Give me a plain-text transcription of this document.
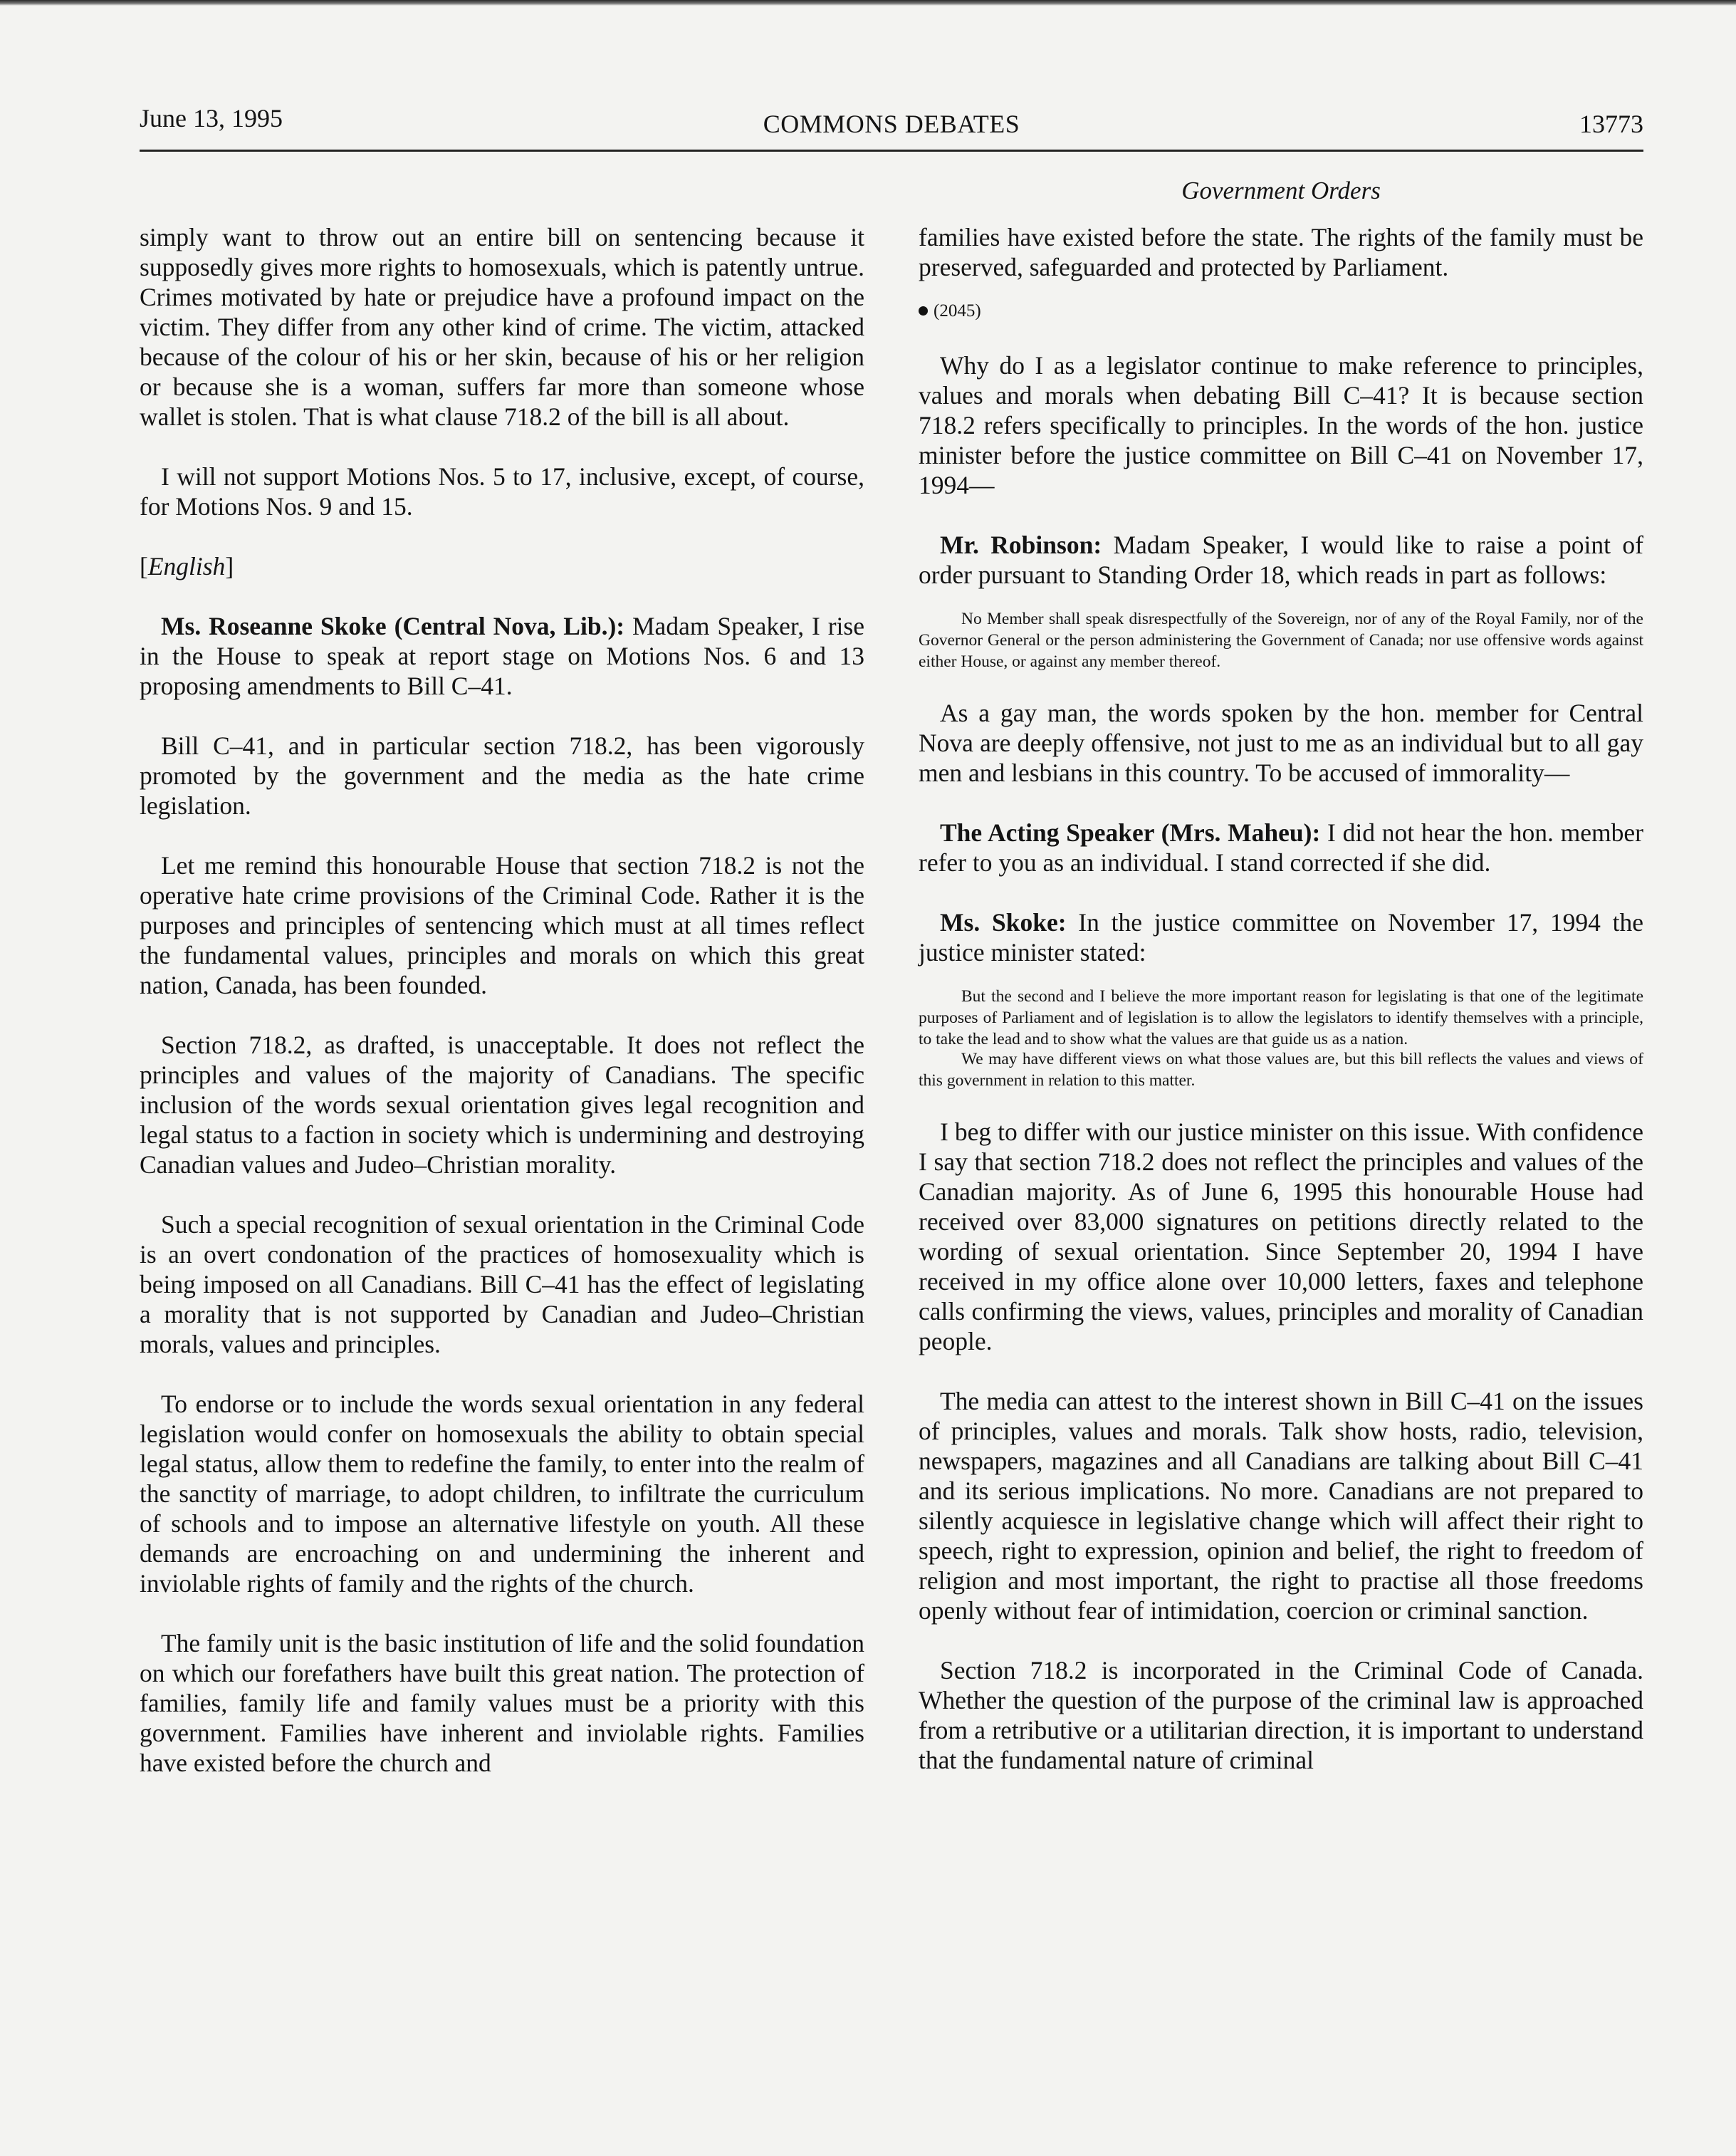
June 13, 1995	COMMONS DEBATES	13773
Government Orders

simply want to throw out an entire bill on sentencing because it supposedly gives more rights to homosexuals, which is patently untrue. Crimes motivated by hate or prejudice have a profound impact on the victim. They differ from any other kind of crime. The victim, attacked because of the colour of his or her skin, because of his or her religion or because she is a woman, suffers far more than someone whose wallet is stolen. That is what clause 718.2 of the bill is all about.

I will not support Motions Nos. 5 to 17, inclusive, except, of course, for Motions Nos. 9 and 15.

[English]

Ms. Roseanne Skoke (Central Nova, Lib.): Madam Speaker, I rise in the House to speak at report stage on Motions Nos. 6 and 13 proposing amendments to Bill C–41.

Bill C–41, and in particular section 718.2, has been vigorously promoted by the government and the media as the hate crime legislation.

Let me remind this honourable House that section 718.2 is not the operative hate crime provisions of the Criminal Code. Rather it is the purposes and principles of sentencing which must at all times reflect the fundamental values, principles and morals on which this great nation, Canada, has been founded.

Section 718.2, as drafted, is unacceptable. It does not reflect the principles and values of the majority of Canadians. The specific inclusion of the words sexual orientation gives legal recognition and legal status to a faction in society which is undermining and destroying Canadian values and Judeo–Christian morality.

Such a special recognition of sexual orientation in the Criminal Code is an overt condonation of the practices of homosexuality which is being imposed on all Canadians. Bill C–41 has the effect of legislating a morality that is not supported by Canadian and Judeo–Christian morals, values and principles.

To endorse or to include the words sexual orientation in any federal legislation would confer on homosexuals the ability to obtain special legal status, allow them to redefine the family, to enter into the realm of the sanctity of marriage, to adopt children, to infiltrate the curriculum of schools and to impose an alternative lifestyle on youth. All these demands are encroaching on and undermining the inherent and inviolable rights of family and the rights of the church.

The family unit is the basic institution of life and the solid foundation on which our forefathers have built this great nation. The protection of families, family life and family values must be a priority with this government. Families have inherent and inviolable rights. Families have existed before the church and

families have existed before the state. The rights of the family must be preserved, safeguarded and protected by Parliament.

(2045)

Why do I as a legislator continue to make reference to principles, values and morals when debating Bill C–41? It is because section 718.2 refers specifically to principles. In the words of the hon. justice minister before the justice committee on Bill C–41 on November 17, 1994—

Mr. Robinson: Madam Speaker, I would like to raise a point of order pursuant to Standing Order 18, which reads in part as follows:

No Member shall speak disrespectfully of the Sovereign, nor of any of the Royal Family, nor of the Governor General or the person administering the Government of Canada; nor use offensive words against either House, or against any member thereof.

As a gay man, the words spoken by the hon. member for Central Nova are deeply offensive, not just to me as an individual but to all gay men and lesbians in this country. To be accused of immorality—

The Acting Speaker (Mrs. Maheu): I did not hear the hon. member refer to you as an individual. I stand corrected if she did.

Ms. Skoke: In the justice committee on November 17, 1994 the justice minister stated:

But the second and I believe the more important reason for legislating is that one of the legitimate purposes of Parliament and of legislation is to allow the legislators to identify themselves with a principle, to take the lead and to show what the values are that guide us as a nation.
We may have different views on what those values are, but this bill reflects the values and views of this government in relation to this matter.

I beg to differ with our justice minister on this issue. With confidence I say that section 718.2 does not reflect the principles and values of the Canadian majority. As of June 6, 1995 this honourable House had received over 83,000 signatures on petitions directly related to the wording of sexual orientation. Since September 20, 1994 I have received in my office alone over 10,000 letters, faxes and telephone calls confirming the views, values, principles and morality of Canadian people.

The media can attest to the interest shown in Bill C–41 on the issues of principles, values and morals. Talk show hosts, radio, television, newspapers, magazines and all Canadians are talking about Bill C–41 and its serious implications. No more. Canadians are not prepared to silently acquiesce in legislative change which will affect their right to speech, right to expression, opinion and belief, the right to freedom of religion and most important, the right to practise all those freedoms openly without fear of intimidation, coercion or criminal sanction.

Section 718.2 is incorporated in the Criminal Code of Canada. Whether the question of the purpose of the criminal law is approached from a retributive or a utilitarian direction, it is important to understand that the fundamental nature of criminal
